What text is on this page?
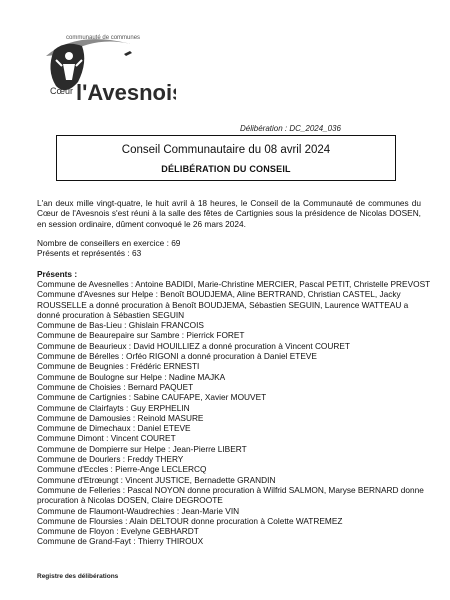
communauté de communes
Cœur l'Avesnois
Délibération : DC_2024_036
Conseil Communautaire du 08 avril 2024
DÉLIBÉRATION DU CONSEIL
L'an deux mille vingt-quatre, le huit avril à 18 heures, le Conseil de la Communauté de communes du Cœur de l'Avesnois s'est réuni à la salle des fêtes de Cartignies sous la présidence de Nicolas DOSEN, en session ordinaire, dûment convoqué le 26 mars 2024.
Nombre de conseillers en exercice : 69
Présents et représentés : 63
Présents :
Commune de Avesnelles : Antoine BADIDI, Marie-Christine MERCIER, Pascal PETIT, Christelle PREVOST
Commune d'Avesnes sur Helpe : Benoît BOUDJEMA, Aline BERTRAND, Christian CASTEL, Jacky ROUSSELLE a donné procuration à Benoît BOUDJEMA, Sébastien SEGUIN, Laurence WATTEAU a donné procuration à Sébastien SEGUIN
Commune de Bas-Lieu : Ghislain FRANCOIS
Commune de Beaurepaire sur Sambre : Pierrick FORET
Commune de Beaurieux : David HOUILLIEZ a donné procuration à Vincent COURET
Commune de Bérelles : Orféo RIGONI a donné procuration à Daniel ETEVE
Commune de Beugnies : Frédéric ERNESTI
Commune de Boulogne sur Helpe : Nadine MAJKA
Commune de Choisies : Bernard PAQUET
Commune de Cartignies : Sabine CAUFAPE, Xavier MOUVET
Commune de Clairfayts : Guy ERPHELIN
Commune de Damousies : Reinold MASURE
Commune de Dimechaux : Daniel ETEVE
Commune Dimont : Vincent COURET
Commune de Dompierre sur Helpe : Jean-Pierre LIBERT
Commune de Dourlers : Freddy THERY
Commune d'Eccles : Pierre-Ange LECLERCQ
Commune d'Etrœungt : Vincent JUSTICE, Bernadette GRANDIN
Commune de Felleries : Pascal NOYON donne procuration à Wilfrid SALMON, Maryse BERNARD donne procuration à Nicolas DOSEN, Claire DEGROOTE
Commune de Flaumont-Waudrechies : Jean-Marie VIN
Commune de Floursies : Alain DELTOUR donne procuration à Colette WATREMEZ
Commune de Floyon : Evelyne GEBHARDT
Commune de Grand-Fayt : Thierry THIROUX
Registre des délibérations
